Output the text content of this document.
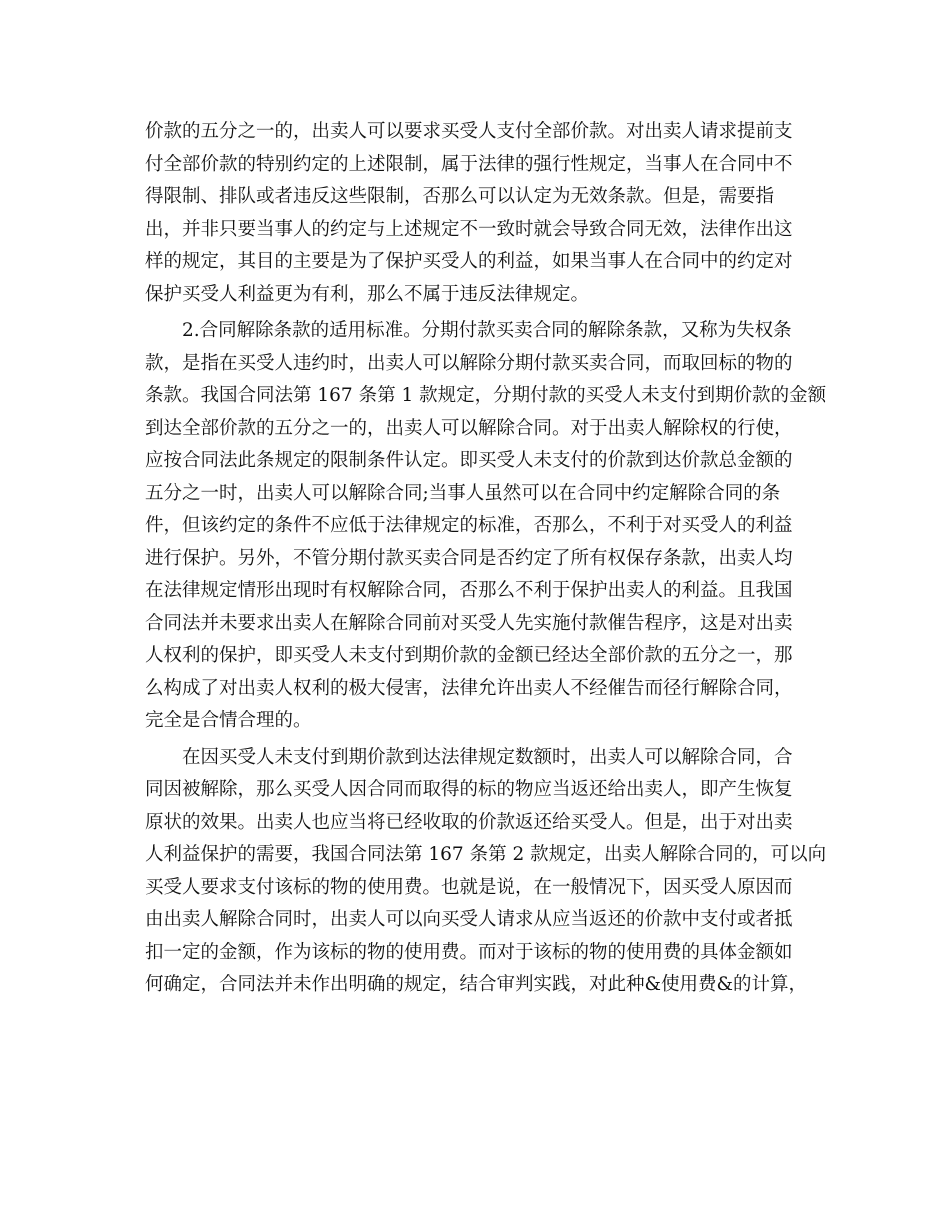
价款的五分之一的，出卖人可以要求买受人支付全部价款。对出卖人请求提前支
付全部价款的特别约定的上述限制，属于法律的强行性规定，当事人在合同中不
得限制、排队或者违反这些限制，否那么可以认定为无效条款。但是，需要指
出，并非只要当事人的约定与上述规定不一致时就会导致合同无效，法律作出这
样的规定，其目的主要是为了保护买受人的利益，如果当事人在合同中的约定对
保护买受人利益更为有利，那么不属于违反法律规定。
　　2.合同解除条款的适用标准。分期付款买卖合同的解除条款，又称为失权条
款，是指在买受人违约时，出卖人可以解除分期付款买卖合同，而取回标的物的
条款。我国合同法第 167 条第 1 款规定，分期付款的买受人未支付到期价款的金额
到达全部价款的五分之一的，出卖人可以解除合同。对于出卖人解除权的行使，
应按合同法此条规定的限制条件认定。即买受人未支付的价款到达价款总金额的
五分之一时，出卖人可以解除合同;当事人虽然可以在合同中约定解除合同的条
件，但该约定的条件不应低于法律规定的标准，否那么，不利于对买受人的利益
进行保护。另外，不管分期付款买卖合同是否约定了所有权保存条款，出卖人均
在法律规定情形出现时有权解除合同，否那么不利于保护出卖人的利益。且我国
合同法并未要求出卖人在解除合同前对买受人先实施付款催告程序，这是对出卖
人权利的保护，即买受人未支付到期价款的金额已经达全部价款的五分之一，那
么构成了对出卖人权利的极大侵害，法律允许出卖人不经催告而径行解除合同，
完全是合情合理的。
　　在因买受人未支付到期价款到达法律规定数额时，出卖人可以解除合同，合
同因被解除，那么买受人因合同而取得的标的物应当返还给出卖人，即产生恢复
原状的效果。出卖人也应当将已经收取的价款返还给买受人。但是，出于对出卖
人利益保护的需要，我国合同法第 167 条第 2 款规定，出卖人解除合同的，可以向
买受人要求支付该标的物的使用费。也就是说，在一般情况下，因买受人原因而
由出卖人解除合同时，出卖人可以向买受人请求从应当返还的价款中支付或者抵
扣一定的金额，作为该标的物的使用费。而对于该标的物的使用费的具体金额如
何确定，合同法并未作出明确的规定，结合审判实践，对此种&使用费&的计算，
